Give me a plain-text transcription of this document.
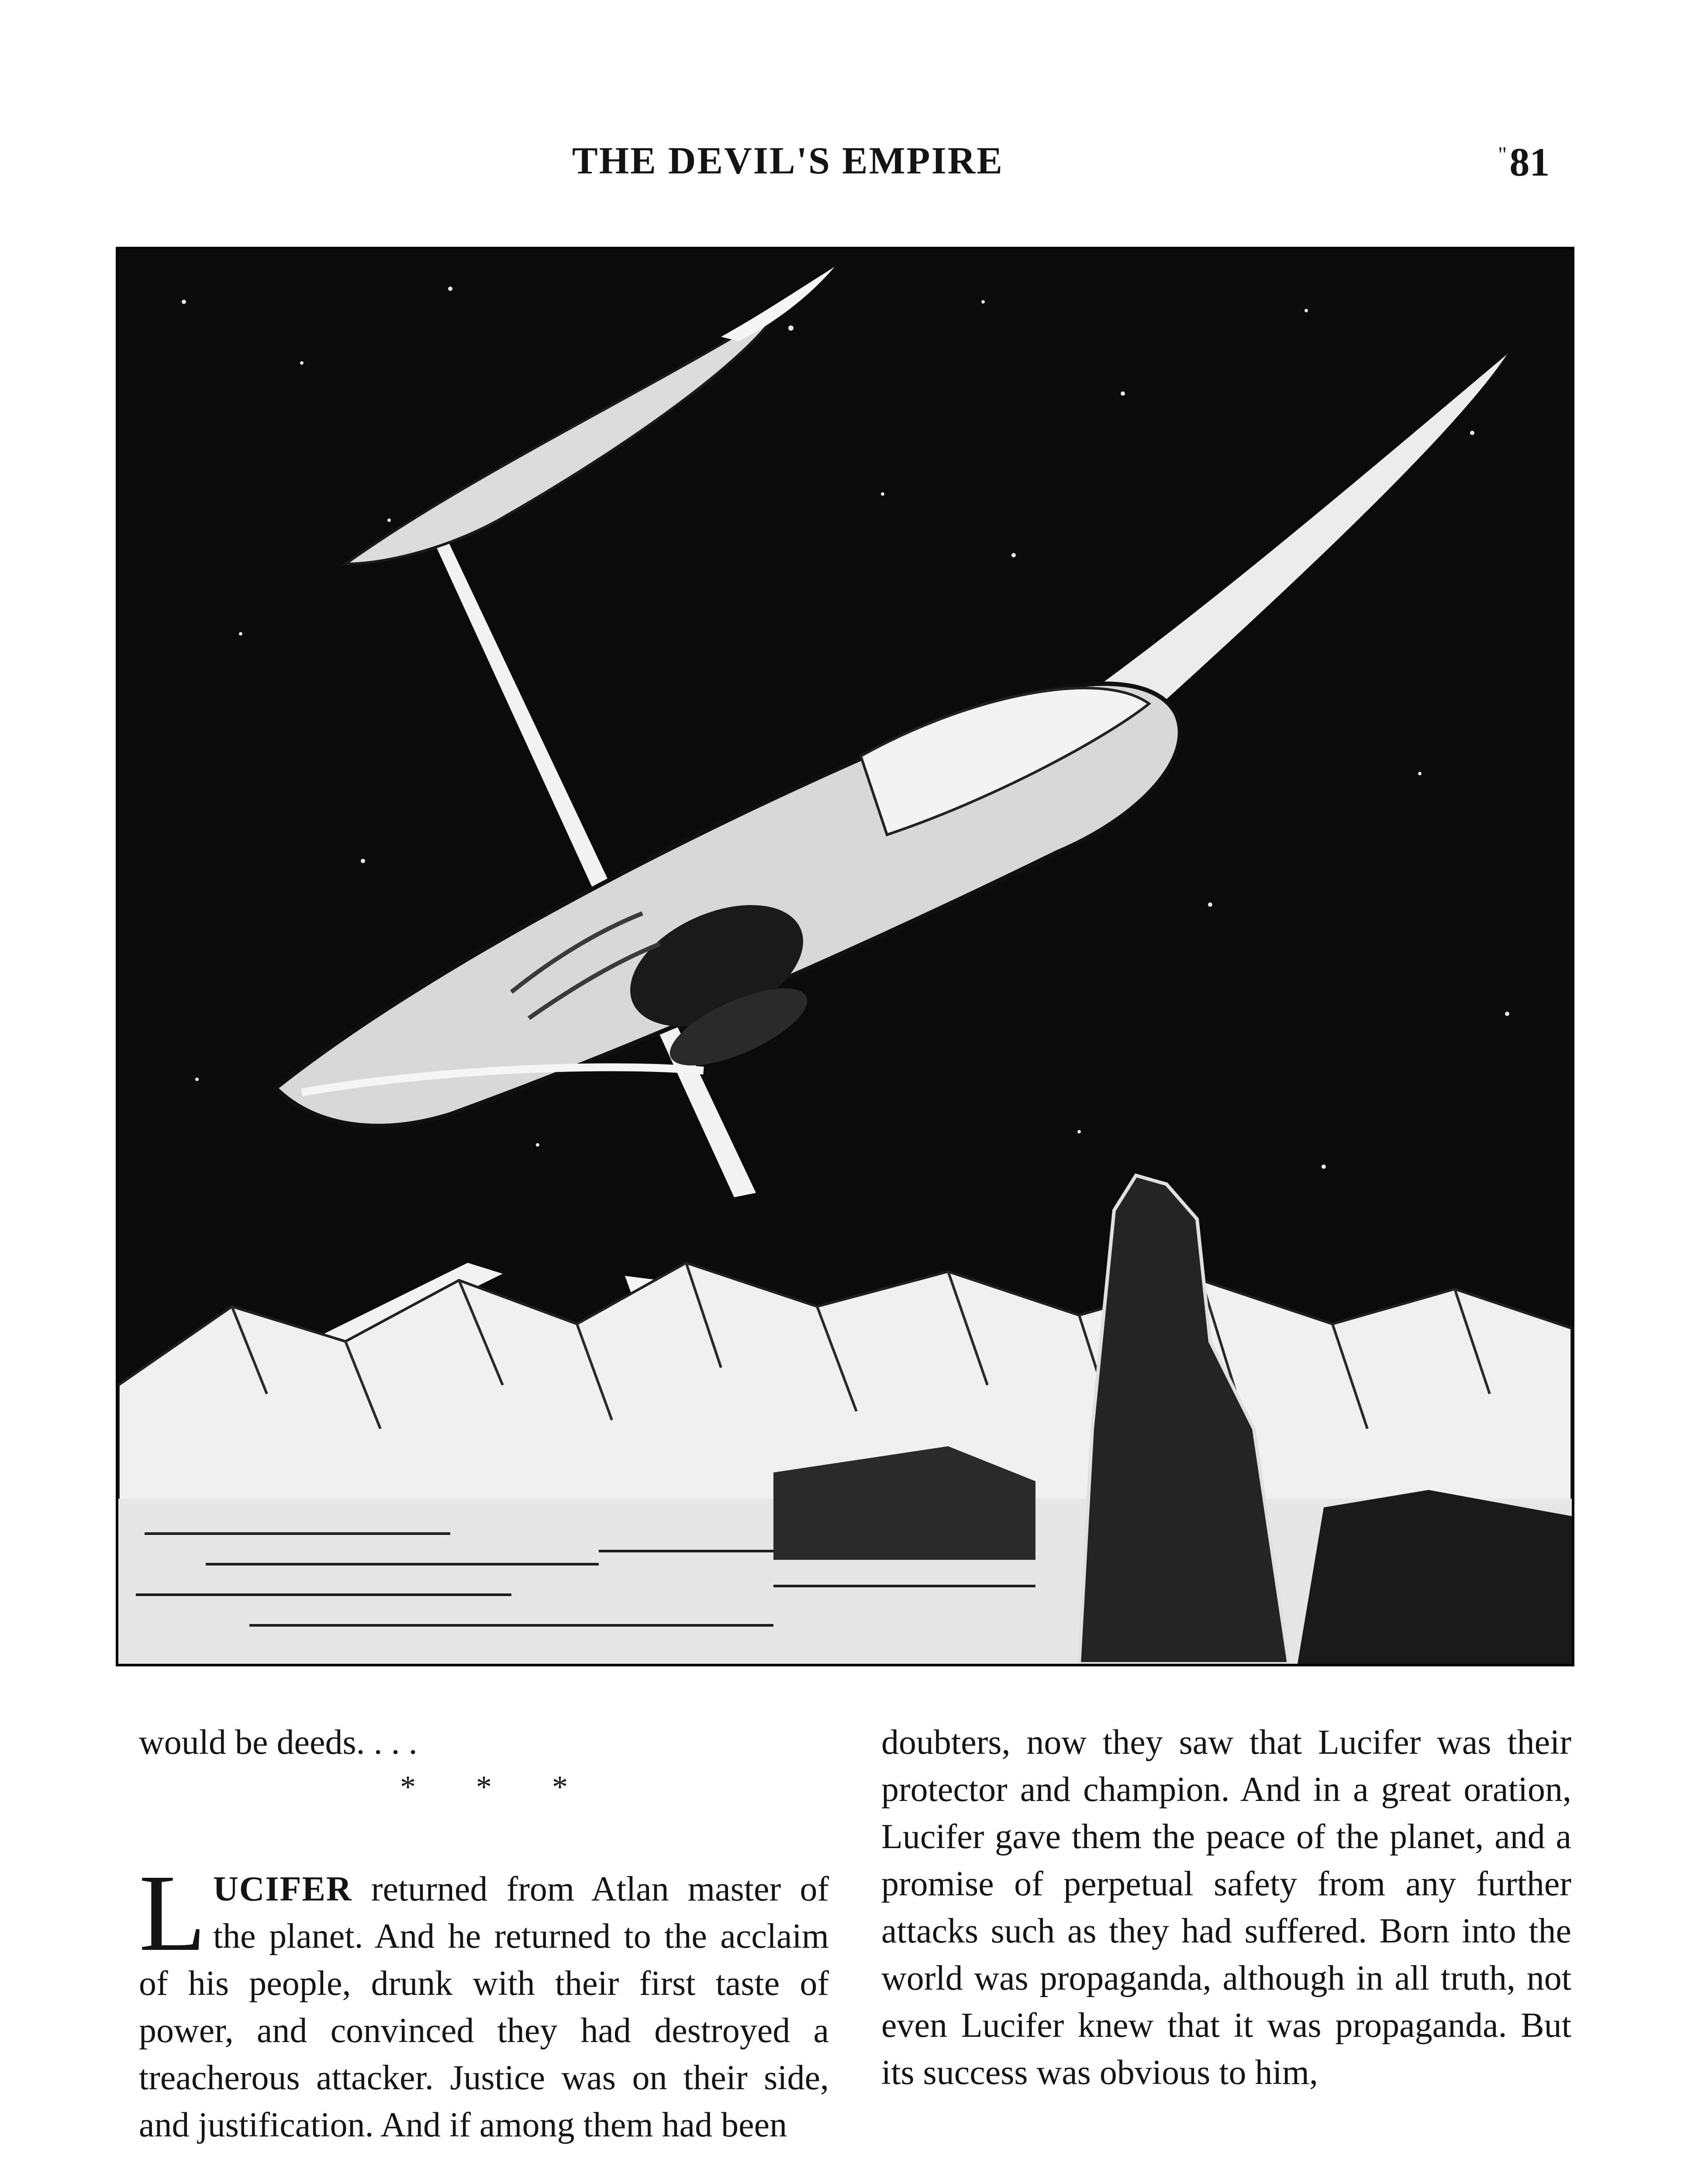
THE DEVIL'S EMPIRE	"81
would be deeds. . . .
* * *

LUCIFER returned from Atlan master of the planet. And he returned to the acclaim of his people, drunk with their first taste of power, and convinced they had destroyed a treacherous attacker. Justice was on their side, and justification. And if among them had been

doubters, now they saw that Lucifer was their protector and champion. And in a great oration, Lucifer gave them the peace of the planet, and a promise of perpetual safety from any further attacks such as they had suffered. Born into the world was propaganda, although in all truth, not even Lucifer knew that it was propaganda. But its success was obvious to him,
